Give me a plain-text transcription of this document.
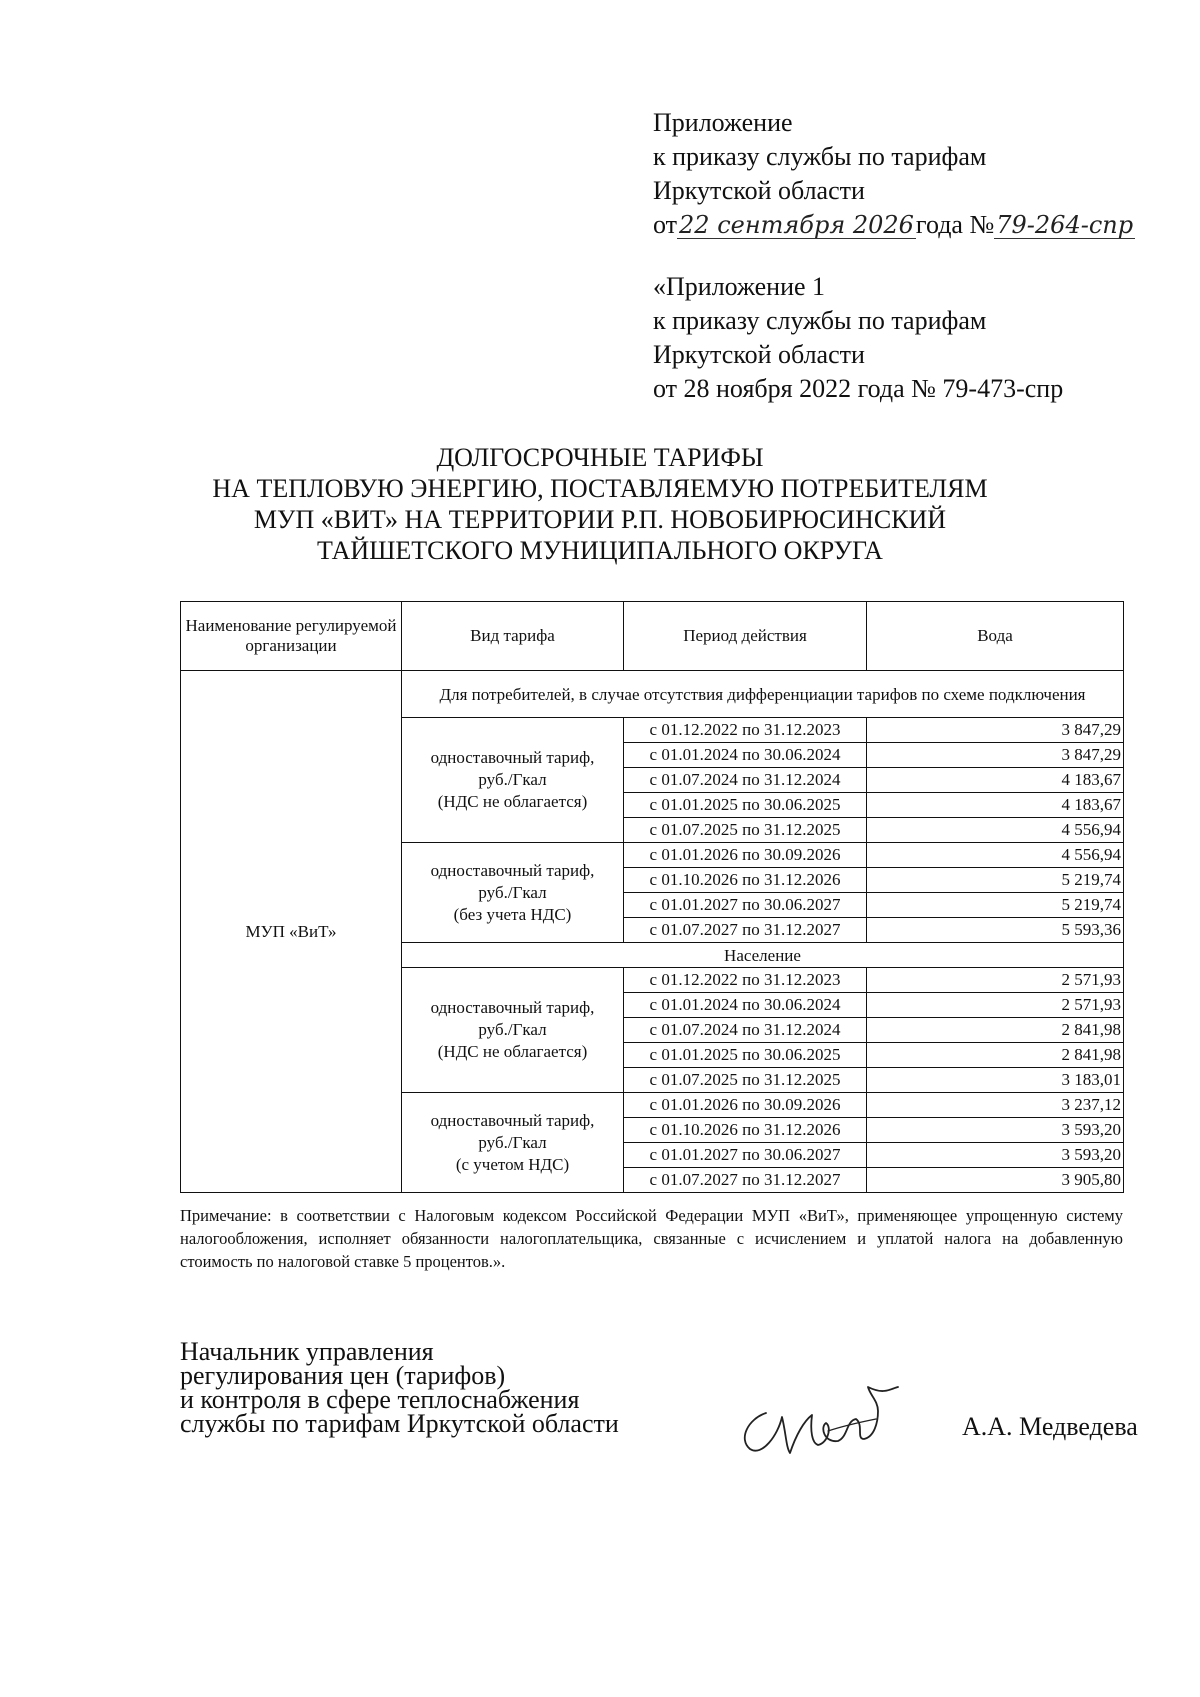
Приложение
к приказу службы по тарифам
Иркутской области
от22 сентября 2026года №79-264-спр
«Приложение 1
к приказу службы по тарифам
Иркутской области
от 28 ноября 2022 года № 79-473-спр
ДОЛГОСРОЧНЫЕ ТАРИФЫ
НА ТЕПЛОВУЮ ЭНЕРГИЮ, ПОСТАВЛЯЕМУЮ ПОТРЕБИТЕЛЯМ
МУП «ВИТ» НА ТЕРРИТОРИИ Р.П. НОВОБИРЮСИНСКИЙ
ТАЙШЕТСКОГО МУНИЦИПАЛЬНОГО ОКРУГА
Наименование регулируемой организации	Вид тарифа	Период действия	Вода
МУП «ВиТ»	Для потребителей, в случае отсутствия дифференциации тарифов по схеме подключения		

	одноставочный тариф,
руб./Гкал
(НДС не облагается)	с 01.12.2022 по 31.12.2023	3 847,29
		с 01.01.2024 по 30.06.2024	3 847,29
		с 01.07.2024 по 31.12.2024	4 183,67
		с 01.01.2025 по 30.06.2025	4 183,67
		с 01.07.2025 по 31.12.2025	4 556,94

	одноставочный тариф,
руб./Гкал
(без учета НДС)	с 01.01.2026 по 30.09.2026	4 556,94
		с 01.10.2026 по 31.12.2026	5 219,74
		с 01.01.2027 по 30.06.2027	5 219,74
		с 01.07.2027 по 31.12.2027	5 593,36
	Население		

	одноставочный тариф,
руб./Гкал
(НДС не облагается)	с 01.12.2022 по 31.12.2023	2 571,93
		с 01.01.2024 по 30.06.2024	2 571,93
		с 01.07.2024 по 31.12.2024	2 841,98
		с 01.01.2025 по 30.06.2025	2 841,98
		с 01.07.2025 по 31.12.2025	3 183,01

	одноставочный тариф,
руб./Гкал
(с учетом НДС)	с 01.01.2026 по 30.09.2026	3 237,12
		с 01.10.2026 по 31.12.2026	3 593,20
		с 01.01.2027 по 30.06.2027	3 593,20
		с 01.07.2027 по 31.12.2027	3 905,80
Примечание: в соответствии с Налоговым кодексом Российской Федерации МУП «ВиТ», применяющее упрощенную систему налогообложения, исполняет обязанности налогоплательщика, связанные с исчислением и уплатой налога на добавленную стоимость по налоговой ставке 5 процентов.».
Начальник управления
регулирования цен (тарифов)
и контроля в сфере теплоснабжения
службы по тарифам Иркутской области	А.А. Медведева
